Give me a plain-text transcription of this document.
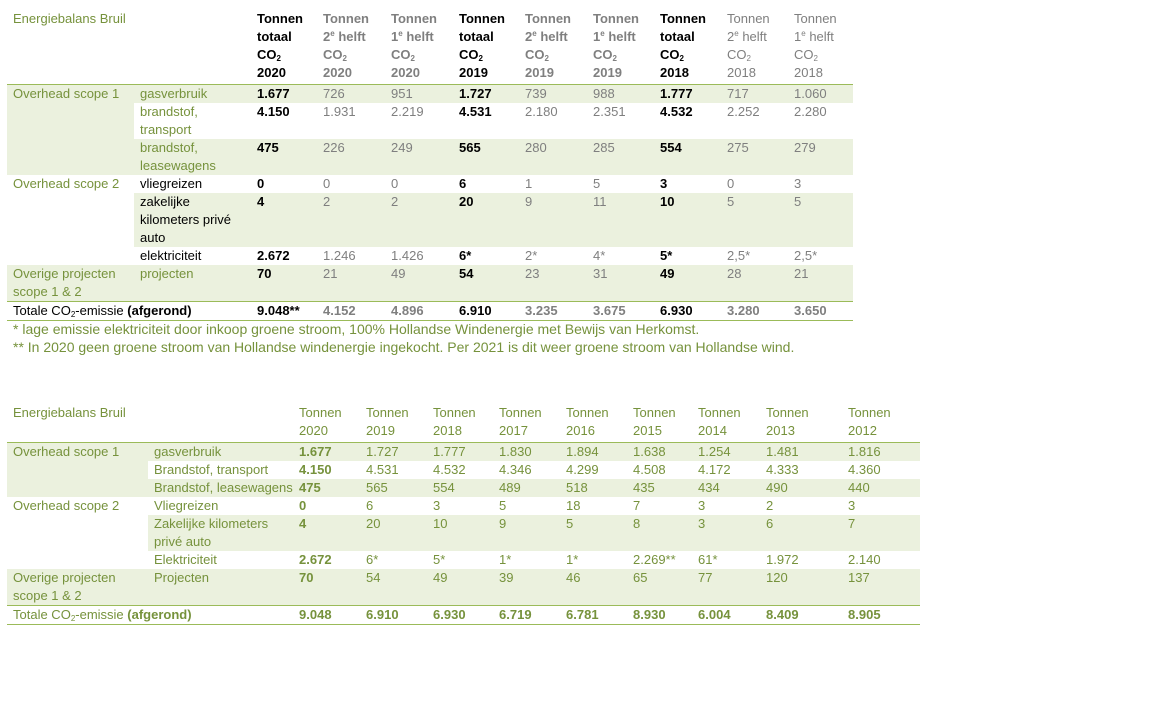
Energiebalans Bruil		Tonnen
totaal
$CO_2$
2020	Tonnen
2e helft
$CO_2$
2020	Tonnen
1e helft
$CO_2$
2020	Tonnen
totaal
$CO_2$
2019	Tonnen
2e helft
$CO_2$
2019	Tonnen
1e helft
$CO_2$
2019	Tonnen
totaal
$CO_2$
2018	Tonnen
2e helft
$CO_2$
2018	Tonnen
1e helft
$CO_2$
2018
Overhead scope 1	gasverbruik	1.677	726	951	1.727	739	988	1.777	717	1.060
	brandstof, transport	4.150	1.931	2.219	4.531	2.180	2.351	4.532	2.252	2.280
	brandstof, leasewagens	475	226	249	565	280	285	554	275	279
Overhead scope 2	vliegreizen	0	0	0	6	1	5	3	0	3
	zakelijke kilometers privé auto	4	2	2	20	9	11	10	5	5
	elektriciteit	2.672	1.246	1.426	6*	2*	4*	5*	2,5*	2,5*
Overige projecten scope 1 & 2	projecten	70	21	49	54	23	31	49	28	21
Totale $CO_2$-emissie (afgerond)		9.048**	4.152	4.896	6.910	3.235	3.675	6.930	3.280	3.650
* lage emissie elektriciteit door inkoop groene stroom, 100% Hollandse Windenergie met Bewijs van Herkomst.
** In 2020 geen groene stroom van Hollandse windenergie ingekocht. Per 2021 is dit weer groene stroom van Hollandse wind.
Energiebalans Bruil		Tonnen
2020	Tonnen
2019	Tonnen
2018	Tonnen
2017	Tonnen
2016	Tonnen
2015	Tonnen
2014	Tonnen
2013	Tonnen
2012
Overhead scope 1	gasverbruik	1.677	1.727	1.777	1.830	1.894	1.638	1.254	1.481	1.816
	Brandstof, transport	4.150	4.531	4.532	4.346	4.299	4.508	4.172	4.333	4.360
	Brandstof, leasewagens	475	565	554	489	518	435	434	490	440
Overhead scope 2	Vliegreizen	0	6	3	5	18	7	3	2	3
	Zakelijke kilometers privé auto	4	20	10	9	5	8	3	6	7
	Elektriciteit	2.672	6*	5*	1*	1*	2.269**	61*	1.972	2.140
Overige projecten scope 1 & 2	Projecten	70	54	49	39	46	65	77	120	137
Totale $CO_2$-emissie (afgerond)		9.048	6.910	6.930	6.719	6.781	8.930	6.004	8.409	8.905
